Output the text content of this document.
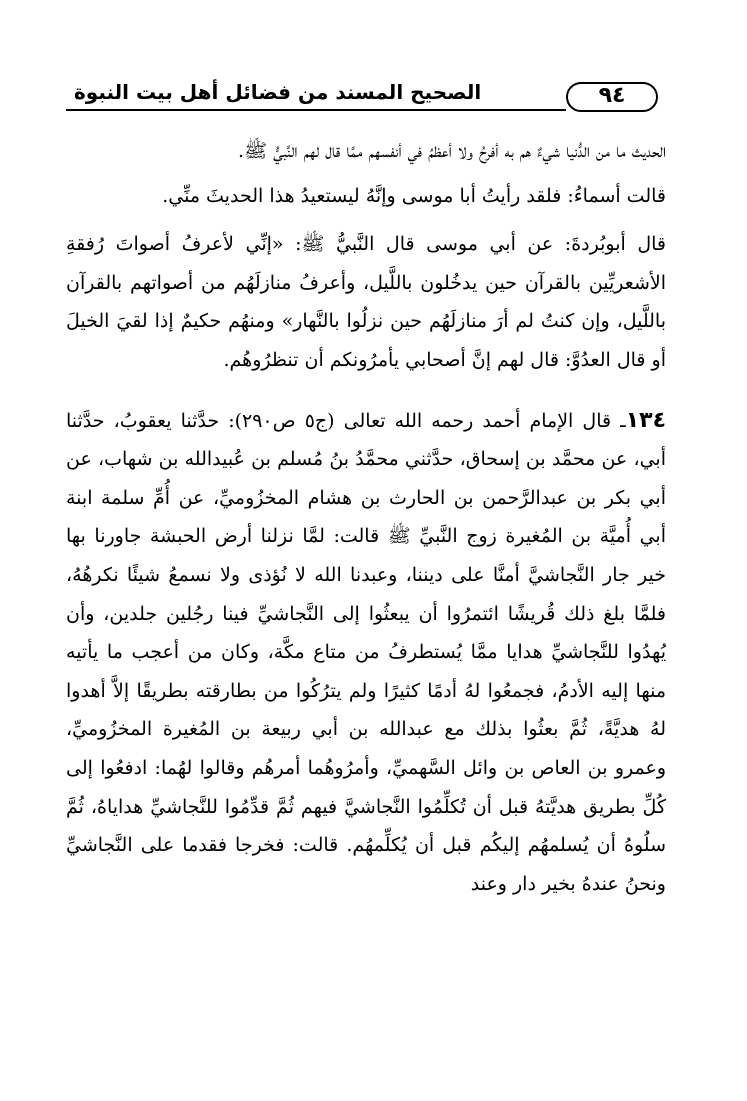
الصحيح المسند من فضائل أهل بيت النبوة	٩٤

الحديث ما من الدُّنيا شيءٌ هم به أفرحُ ولا أعظمُ في أنفسهم ممَّا قال لهم النَّبيُّ ﷺ.

قالت أسماءُ: فلقد رأيتُ أبا موسى وإنَّهُ ليستعيدُ هذا الحديثَ منِّي.

قال أبوبُردةَ: عن أبي موسى قال النَّبيُّ ﷺ: «إنِّي لأعرفُ أصواتَ رُفقةِ الأشعريِّين بالقرآن حين يدخُلون باللَّيل، وأعرفُ منازلَهُم من أصواتهم بالقرآن باللَّيل، وإن كنتُ لم أرَ منازلَهُم حين نزلُوا بالنَّهار» ومنهُم حكيمٌ إذا لقيَ الخيلَ أو قال العدُوَّ: قال لهم إنَّ أصحابي يأمرُونكم أن تنظرُوهُم.

١٣٤ـ قال الإمام أحمد رحمه الله تعالى (ج٥ ص٢٩٠): حدَّثنا يعقوبُ، حدَّثنا أبي، عن محمَّد بن إسحاق، حدَّثني محمَّدُ بنُ مُسلم بن عُبيدالله بن شهاب، عن أبي بكر بن عبدالرَّحمن بن الحارث بن هشام المخزُوميِّ، عن أُمِّ سلمة ابنة أبي أُميَّة بن المُغيرة زوج النَّبيِّ ﷺ قالت: لمَّا نزلنا أرض الحبشة جاورنا بها خير جار النَّجاشيَّ أمنَّا على ديننا، وعبدنا الله لا نُؤذى ولا نسمعُ شيئًا نكرهُهُ، فلمَّا بلغ ذلك قُريشًا ائتمرُوا أن يبعثُوا إلى النَّجاشيِّ فينا رجُلين جلدين، وأن يُهدُوا للنَّجاشيِّ هدايا ممَّا يُستطرفُ من متاع مكَّة، وكان من أعجب ما يأتيه منها إليه الأدمُ، فجمعُوا لهُ أدمًا كثيرًا ولم يترُكُوا من بطارقته بطريقًا إلاَّ أهدوا لهُ هديَّةً، ثُمَّ بعثُوا بذلك مع عبدالله بن أبي ربيعة بن المُغيرة المخزُوميِّ، وعمرو بن العاص بن وائل السَّهميِّ، وأمرُوهُما أمرهُم وقالوا لهُما: ادفعُوا إلى كُلِّ بطريق هديَّتهُ قبل أن تُكلِّمُوا النَّجاشيَّ فيهم ثُمَّ قدِّمُوا للنَّجاشيِّ هداياهُ، ثُمَّ سلُوهُ أن يُسلمهُم إليكُم قبل أن يُكلِّمهُم. قالت: فخرجا فقدما على النَّجاشيِّ ونحنُ عندهُ بخير دار وعند
